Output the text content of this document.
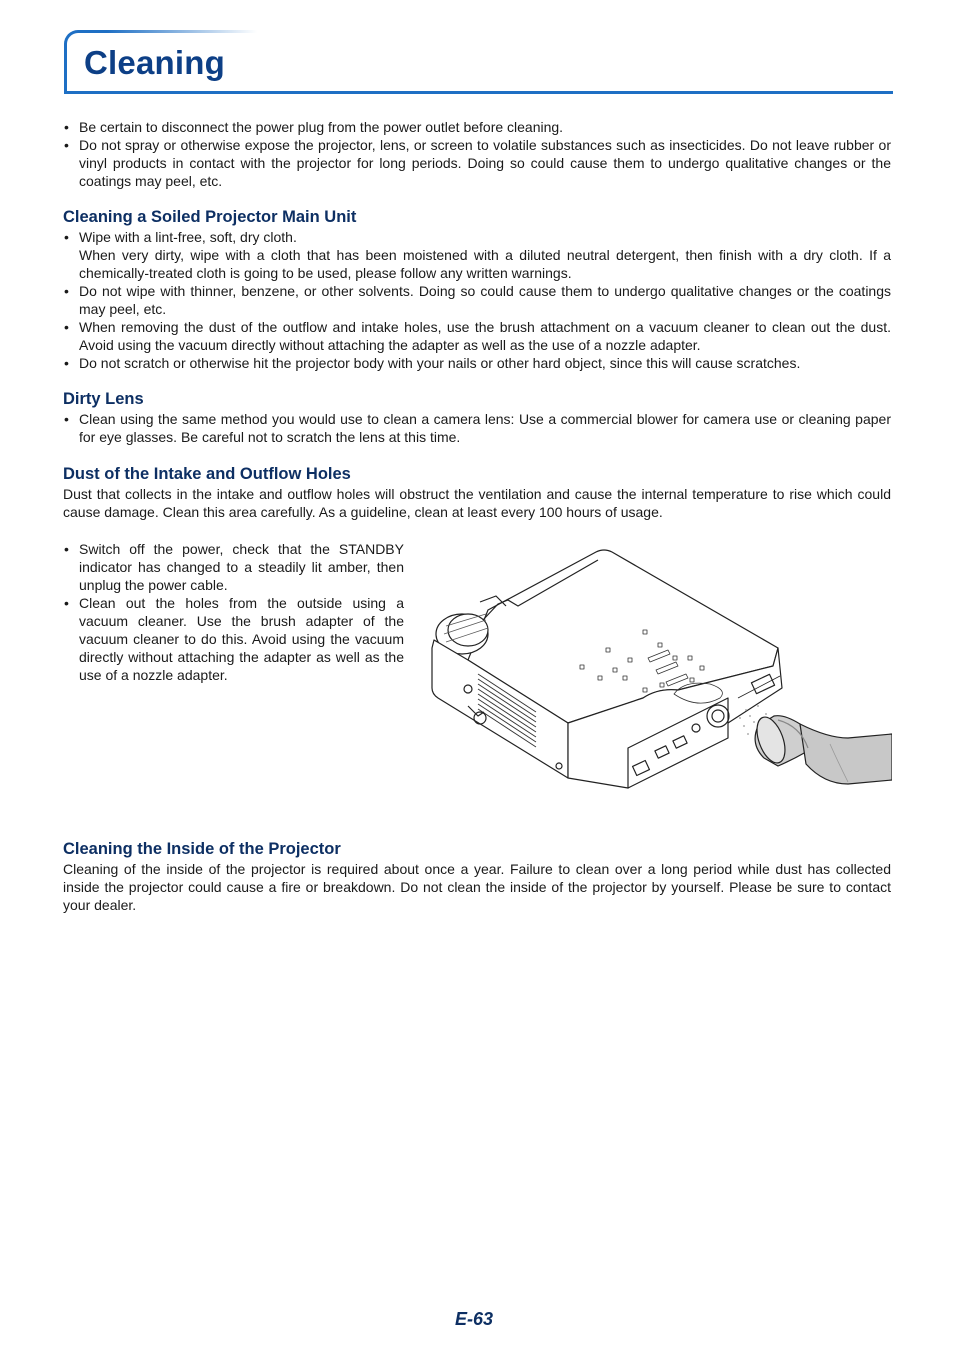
Cleaning
• Be certain to disconnect the power plug from the power outlet before cleaning.
• Do not spray or otherwise expose the projector, lens, or screen to volatile substances such as insecticides. Do not leave rubber or vinyl products in contact with the projector for long periods. Doing so could cause them to undergo qualitative changes or the coatings may peel, etc.
Cleaning a Soiled Projector Main Unit
• Wipe with a lint-free, soft, dry cloth.
When very dirty, wipe with a cloth that has been moistened with a diluted neutral detergent, then finish with a dry cloth. If a chemically-treated cloth is going to be used, please follow any written warnings.
• Do not wipe with thinner, benzene, or other solvents. Doing so could cause them to undergo qualitative changes or the coatings may peel, etc.
• When removing the dust of the outflow and intake holes, use the brush attachment on a vacuum cleaner to clean out the dust. Avoid using the vacuum directly without attaching the adapter as well as the use of a nozzle adapter.
• Do not scratch or otherwise hit the projector body with your nails or other hard object, since this will cause scratches.
Dirty Lens
• Clean using the same method you would use to clean a camera lens: Use a commercial blower for camera use or cleaning paper for eye glasses. Be careful not to scratch the lens at this time.
Dust of the Intake and Outflow Holes
Dust that collects in the intake and outflow holes will obstruct the ventilation and cause the internal temperature to rise which could cause damage. Clean this area carefully. As a guideline, clean at least every 100 hours of usage.
• Switch off the power, check that the STANDBY indicator has changed to a steadily lit amber, then unplug the power cable.
• Clean out the holes from the outside using a vacuum cleaner. Use the brush adapter of the vacuum cleaner to do this. Avoid using the vacuum directly without attaching the adapter as well as the use of a nozzle adapter.
Cleaning the Inside of the Projector
Cleaning of the inside of the projector is required about once a year. Failure to clean over a long period while dust has collected inside the projector could cause a fire or breakdown. Do not clean the inside of the projector by yourself. Please be sure to contact your dealer.
E-63
